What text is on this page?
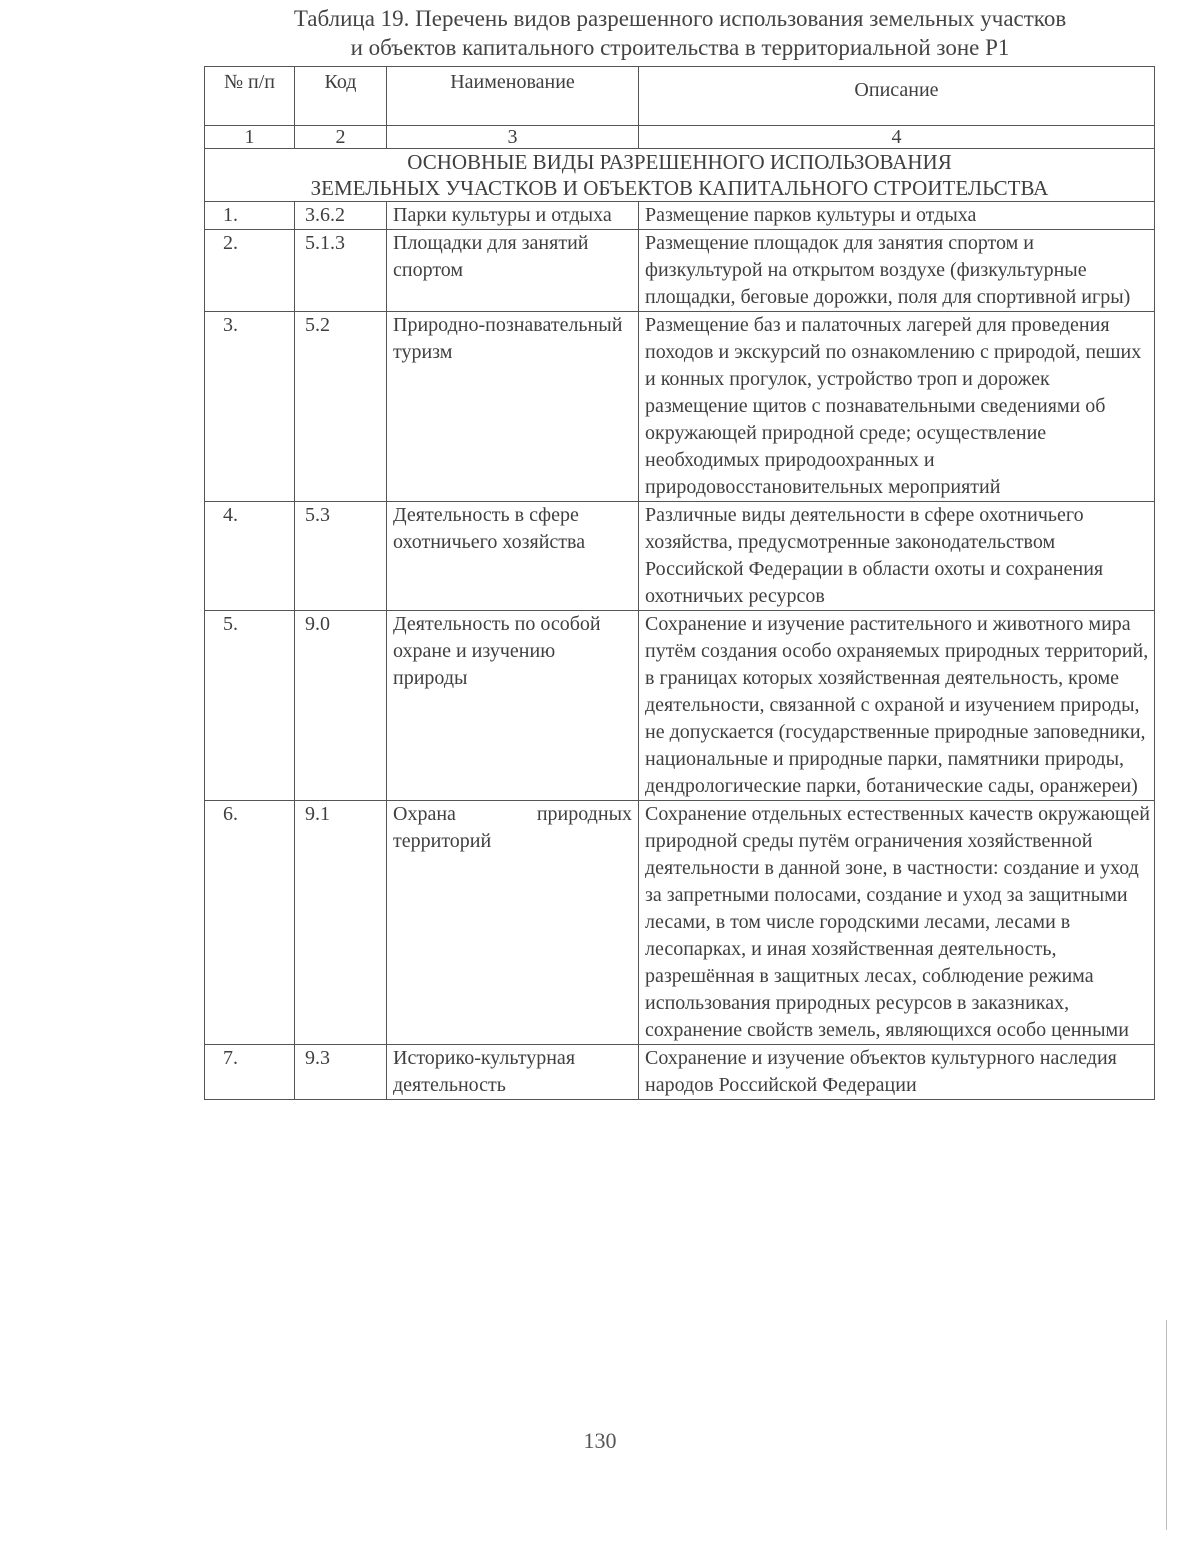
Таблица 19. Перечень видов разрешенного использования земельных участков
и объектов капитального строительства в территориальной зоне Р1
№ п/п	Код	Наименование	Описание
1	2	3	4

ОСНОВНЫЕ ВИДЫ РАЗРЕШЕННОГО ИСПОЛЬЗОВАНИЯ
ЗЕМЕЛЬНЫХ УЧАСТКОВ И ОБЪЕКТОВ КАПИТАЛЬНОГО СТРОИТЕЛЬСТВА			

1.	3.6.2	Парки культуры и отдыха	Размещение парков культуры и отдыха
2.	5.1.3	Площадки для занятий спортом	Размещение площадок для занятия спортом и физкультурой на открытом воздухе (физкультурные площадки, беговые дорожки, поля для спортивной игры)
3.	5.2	Природно-познавательный туризм	Размещение баз и палаточных лагерей для проведения походов и экскурсий по ознакомлению с природой, пеших и конных прогулок, устройство троп и дорожек размещение щитов с познавательными сведениями об окружающей природной среде; осуществление необходимых природоохранных и природовосстановительных мероприятий
4.	5.3	Деятельность в сфере охотничьего хозяйства	Различные виды деятельности в сфере охотничьего хозяйства, предусмотренные законодательством Российской Федерации в области охоты и сохранения охотничьих ресурсов
5.	9.0	Деятельность по особой охране и изучению природы	Сохранение и изучение растительного и животного мира путём создания особо охраняемых природных территорий, в границах которых хозяйственная деятельность, кроме деятельности, связанной с охраной и изучением природы, не допускается (государственные природные заповедники, национальные и природные парки, памятники природы, дендрологические парки, ботанические сады, оранжереи)
6.	9.1	Охрана природных территорий	Сохранение отдельных естественных качеств окружающей природной среды путём ограничения хозяйственной деятельности в данной зоне, в частности: создание и уход за запретными полосами, создание и уход за защитными лесами, в том числе городскими лесами, лесами в лесопарках, и иная хозяйственная деятельность, разрешённая в защитных лесах, соблюдение режима использования природных ресурсов в заказниках, сохранение свойств земель, являющихся особо ценными
7.	9.3	Историко-культурная деятельность	Сохранение и изучение объектов культурного наследия народов Российской Федерации
130
